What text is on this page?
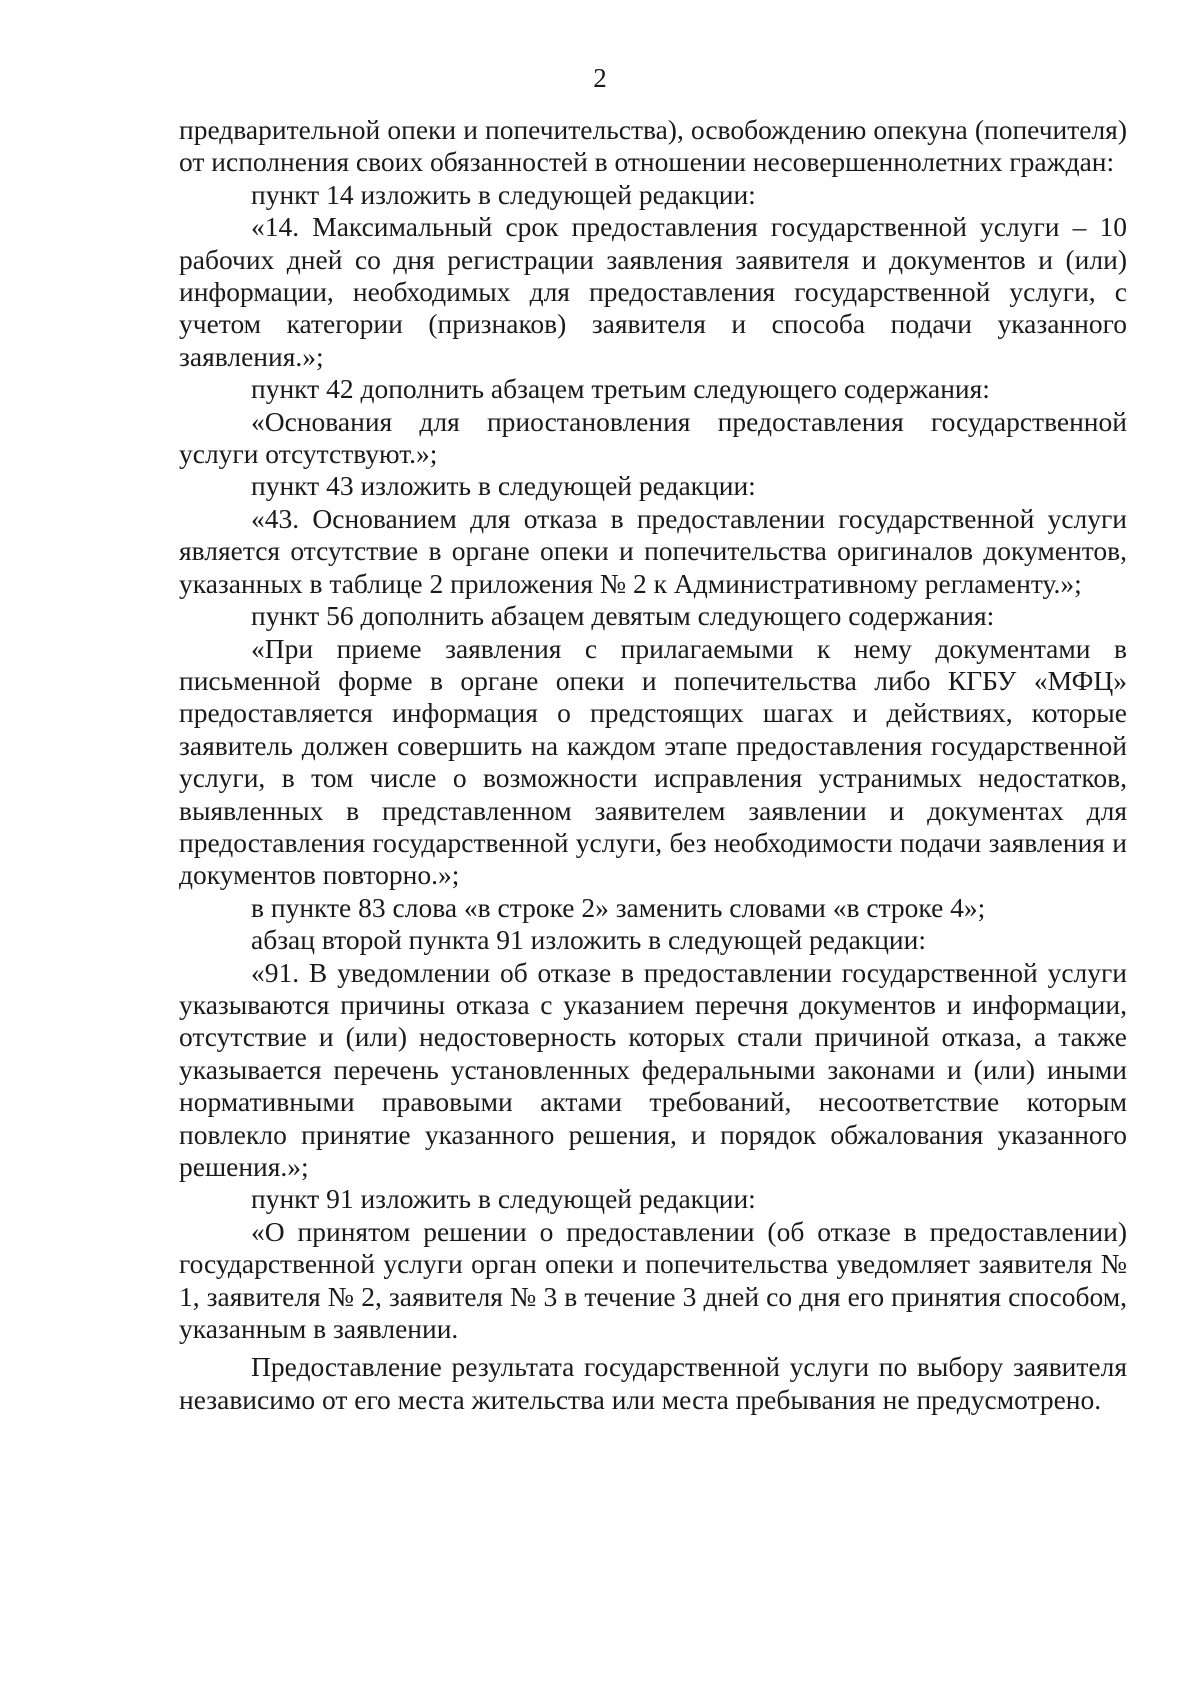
2

предварительной опеки и попечительства), освобождению опекуна (попечителя) от исполнения своих обязанностей в отношении несовершеннолетних граждан:

пункт 14 изложить в следующей редакции:

«14. Максимальный срок предоставления государственной услуги – 10 рабочих дней со дня регистрации заявления заявителя и документов и (или) информации, необходимых для предоставления государственной услуги, с учетом категории (признаков) заявителя и способа подачи указанного заявления.»;

пункт 42 дополнить абзацем третьим следующего содержания:

«Основания для приостановления предоставления государственной услуги отсутствуют.»;

пункт 43 изложить в следующей редакции:

«43. Основанием для отказа в предоставлении государственной услуги является отсутствие в органе опеки и попечительства оригиналов документов, указанных в таблице 2 приложения № 2 к Административному регламенту.»;

пункт 56 дополнить абзацем девятым следующего содержания:

«При приеме заявления с прилагаемыми к нему документами в письменной форме в органе опеки и попечительства либо КГБУ «МФЦ» предоставляется информация о предстоящих шагах и действиях, которые заявитель должен совершить на каждом этапе предоставления государственной услуги, в том числе о возможности исправления устранимых недостатков, выявленных в представленном заявителем заявлении и документах для предоставления государственной услуги, без необходимости подачи заявления и документов повторно.»;

в пункте 83 слова «в строке 2» заменить словами «в строке 4»;

абзац второй пункта 91 изложить в следующей редакции:

«91. В уведомлении об отказе в предоставлении государственной услуги указываются причины отказа с указанием перечня документов и информации, отсутствие и (или) недостоверность которых стали причиной отказа, а также указывается перечень установленных федеральными законами и (или) иными нормативными правовыми актами требований, несоответствие которым повлекло принятие указанного решения, и порядок обжалования указанного решения.»;

пункт 91 изложить в следующей редакции:

«О принятом решении о предоставлении (об отказе в предоставлении) государственной услуги орган опеки и попечительства уведомляет заявителя № 1, заявителя № 2, заявителя № 3 в течение 3 дней со дня его принятия способом, указанным в заявлении.

Предоставление результата государственной услуги по выбору заявителя независимо от его места жительства или места пребывания не предусмотрено.
